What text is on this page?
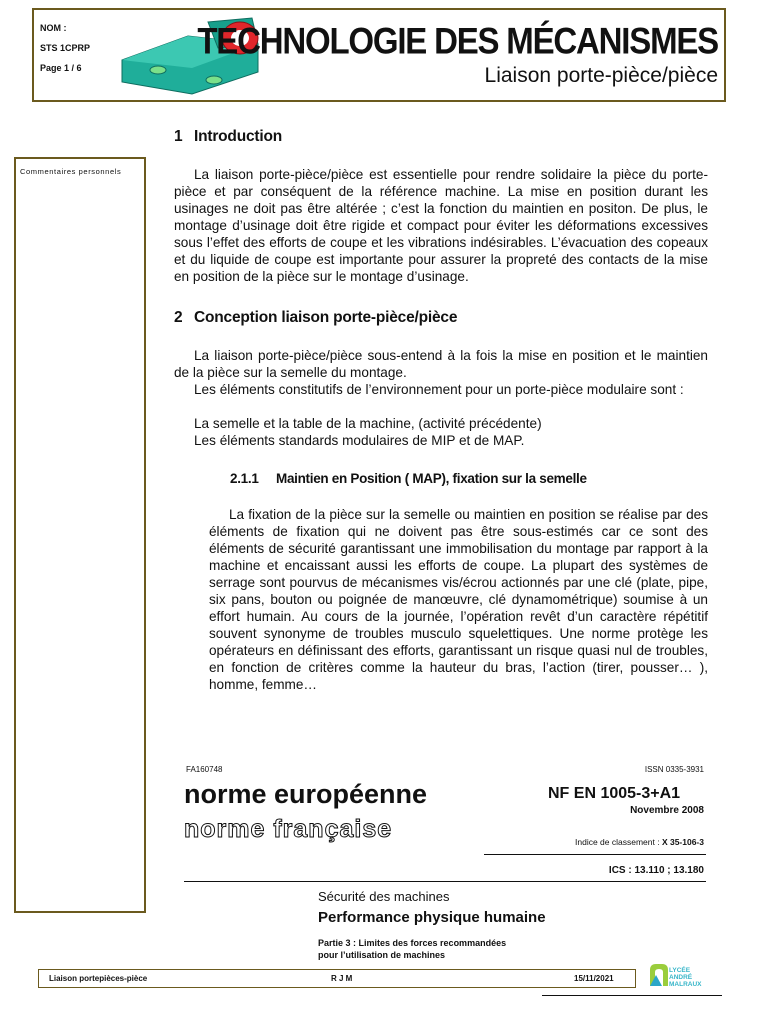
NOM :
STS 1CPRP
Page 1 / 6
TECHNOLOGIE DES MÉCANISMES
Liaison porte-pièce/pièce
Commentaires personnels
1 Introduction

La liaison porte-pièce/pièce est essentielle pour rendre solidaire la pièce du porte-pièce et par conséquent de la référence machine. La mise en position durant les usinages ne doit pas être altérée ; c’est la fonction du maintien en positon. De plus, le montage d’usinage doit être rigide et compact pour éviter les déformations excessives sous l’effet des efforts de coupe et les vibrations indésirables. L’évacuation des copeaux et du liquide de coupe est importante pour assurer la propreté des contacts de la mise en position de la pièce sur le montage d’usinage.

2 Conception liaison porte-pièce/pièce

La liaison porte-pièce/pièce sous-entend à la fois la mise en position et le maintien de la pièce sur la semelle du montage.

Les éléments constitutifs de l’environnement pour un porte-pièce modulaire sont :

La semelle et la table de la machine, (activité précédente)
Les éléments standards modulaires de MIP et de MAP.
2.1.1 Maintien en Position ( MAP), fixation sur la semelle

La fixation de la pièce sur la semelle ou maintien en position se réalise par des éléments de fixation qui ne doivent pas être sous-estimés car ce sont des éléments de sécurité garantissant une immobilisation du montage par rapport à la machine et encaissant aussi les efforts de coupe. La plupart des systèmes de serrage sont pourvus de mécanismes vis/écrou actionnés par une clé (plate, pipe, six pans, bouton ou poignée de manœuvre, clé dynamométrique) soumise à un effort humain. Au cours de la journée, l’opération revêt d’un caractère répétitif souvent synonyme de troubles musculo squelettiques. Une norme protège les opérateurs en définissant des efforts, garantissant un risque quasi nul de troubles, en fonction de critères comme la hauteur du bras, l’action (tirer, pousser… ), homme, femme…

FA160748	ISSN 0335-3931
norme européenne
norme française
NF EN 1005-3+A1
Novembre 2008
Indice de classement : X 35-106-3
ICS : 13.110 ; 13.180
Sécurité des machines
Performance physique humaine
Partie 3 : Limites des forces recommandées
pour l’utilisation de machines
Liaison portepièces-pièce	R J M	15/11/2021
LYCÉE
ANDRÉ
MALRAUX
